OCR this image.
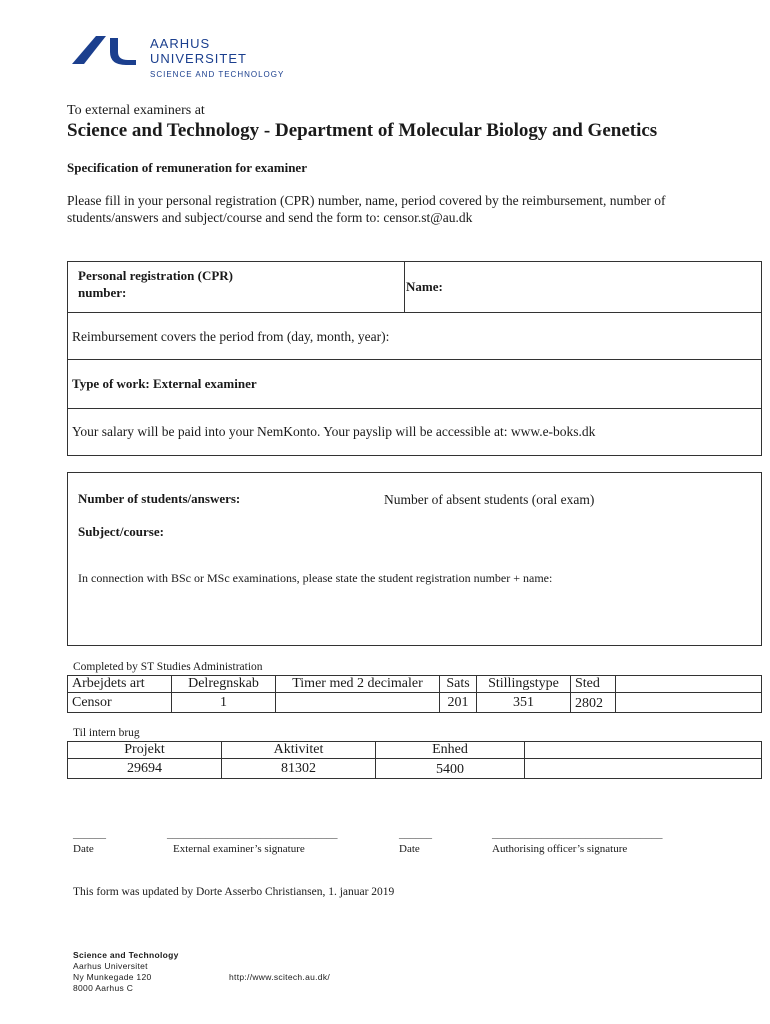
AARHUS
UNIVERSITET
SCIENCE AND TECHNOLOGY
To external examiners at
Science and Technology - Department of Molecular Biology and Genetics
Specification of remuneration for examiner
Please fill in your personal registration (CPR) number, name, period covered by the reimbursement, number of students/answers and subject/course and send the form to: censor.st@au.dk
Personal registration (CPR) number:	Name:
Reimbursement covers the period from (day, month, year):
Type of work: External examiner
Your salary will be paid into your NemKonto. Your payslip will be accessible at: www.e-boks.dk
Number of students/answers:	Number of absent students (oral exam)
Subject/course:
In connection with BSc or MSc examinations, please state the student registration number + name:
Completed by ST Studies Administration
Arbejdets art	Delregnskab	Timer med 2 decimaler	Sats	Stillingstype	Sted	
Censor	1		201	351	2802	
Til intern brug
Projekt	Aktivitet	Enhed	
29694	81302	5400	
______	_______________________________	______	_______________________________
Date	External examiner’s signature	Date	Authorising officer’s signature
This form was updated by Dorte Asserbo Christiansen, 1. januar 2019
Science and Technology
Aarhus Universitet
Ny Munkegade 120
8000 Aarhus C
http://www.scitech.au.dk/
